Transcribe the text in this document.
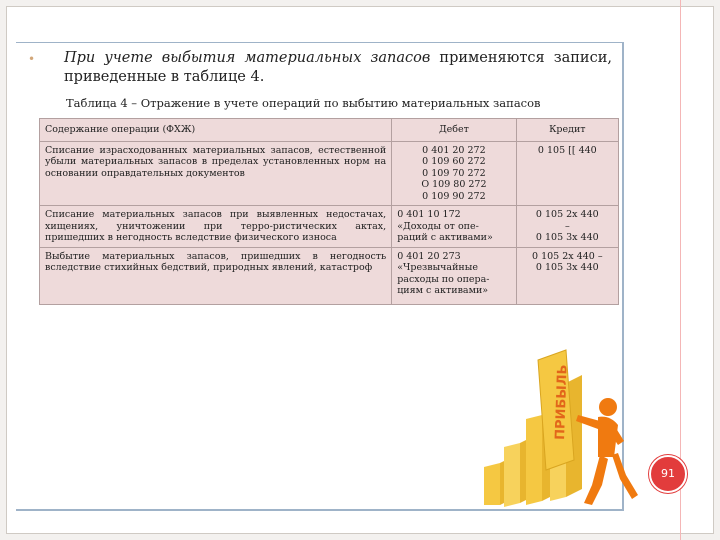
• При учете выбытия материальных запасов применяются записи, приведенные в таблице 4.
Таблица 4 – Отражение в учете операций по выбытию материальных запасов
Содержание операции (ФХЖ)	Дебет	Кредит
Списание израсходованных материальных запасов, естественной убыли материальных запасов в пределах установленных норм на основании оправдательных документов	0 401 20 272
0 109 60 272
0 109 70 272
О 109 80 272
0 109 90 272	0 105 [[ 440

Списание материальных запасов при выявленных недостачах, хищениях, уничтожении при терро-ристических актах, пришедших в негодность вследствие физического износа	0 401 10 172
«Доходы от опе-
раций с активами»	0 105 2х 440
–
0 105 3х 440

Выбытие материальных запасов, пришедших в негодность вследствие стихийных бедствий, природных явлений, катастроф	0 401 20 273
«Чрезвычайные
расходы по опера-
циям с активами»	0 105 2х 440 –
0 105 3х 440
ПРИБЫЛЬ
91
